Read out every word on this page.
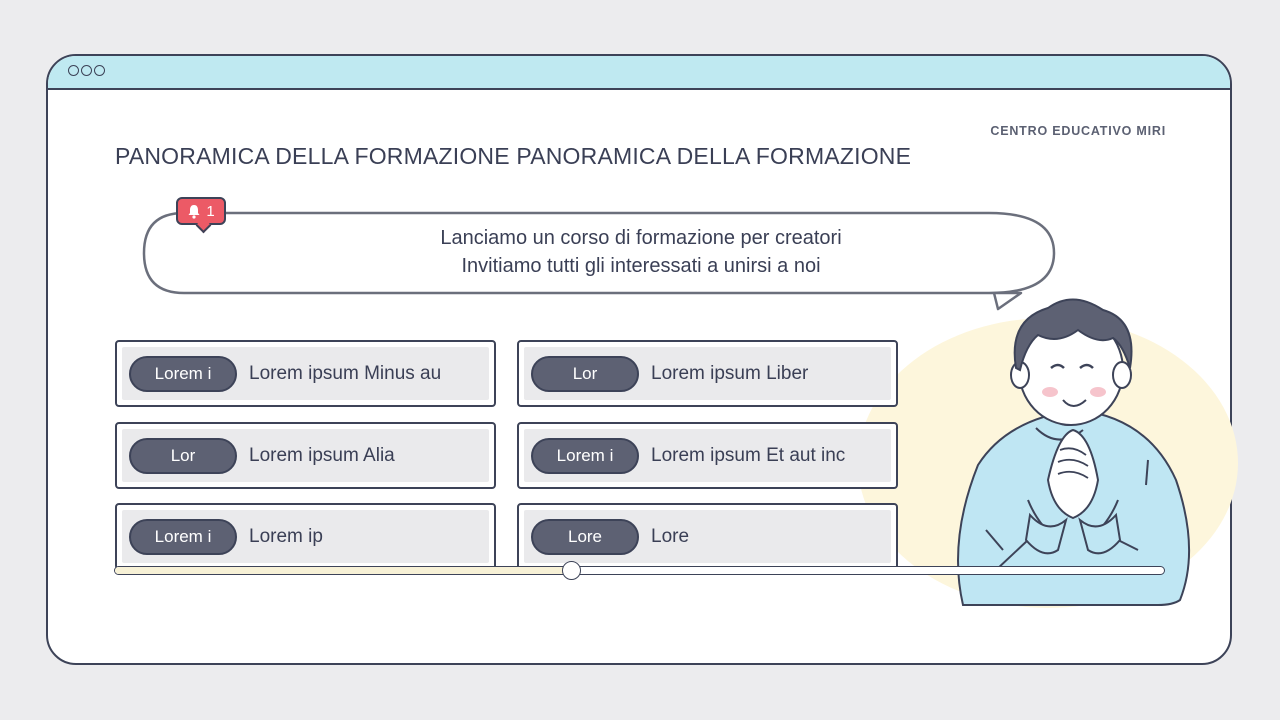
CENTRO EDUCATIVO MIRI
PANORAMICA DELLA FORMAZIONE PANORAMICA DELLA FORMAZIONE
Lanciamo un corso di formazione per creatori
Invitiamo tutti gli interessati a unirsi a noi
1
Lorem i	Lorem ipsum Minus au	Lor	Lorem ipsum Liber
Lor	Lorem ipsum Alia	Lorem i	Lorem ipsum Et aut inc
Lorem i	Lorem ip	Lore	Lore
